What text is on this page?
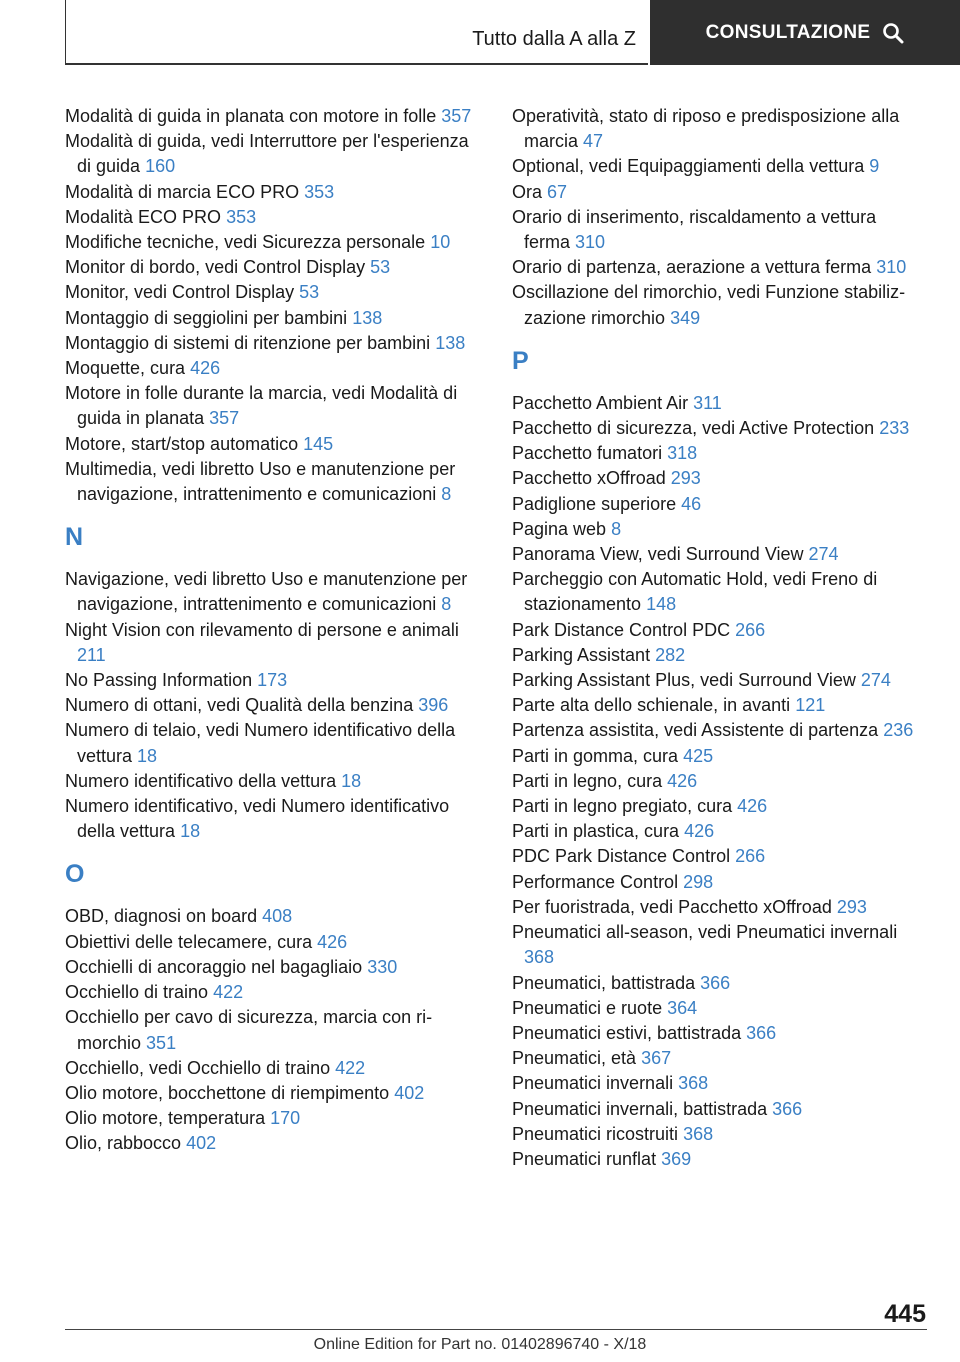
Tutto dalla A alla Z	CONSULTAZIONE

Modalità di guida in planata con motore in folle 357

Modalità di guida, vedi Interruttore per l'esperienza di guida 160

Modalità di marcia ECO PRO 353

Modalità ECO PRO 353

Modifiche tecniche, vedi Sicurezza personale 10

Monitor di bordo, vedi Control Display 53

Monitor, vedi Control Display 53

Montaggio di seggiolini per bambini 138

Montaggio di sistemi di ritenzione per bambini 138

Moquette, cura 426

Motore in folle durante la marcia, vedi Modalità di guida in planata 357

Motore, start/stop automatico 145

Multimedia, vedi libretto Uso e manutenzione per navigazione, intrattenimento e comunicazioni 8

N

Navigazione, vedi libretto Uso e manutenzione per navigazione, intrattenimento e comunicazioni 8

Night Vision con rilevamento di persone e animali 211

No Passing Information 173

Numero di ottani, vedi Qualità della benzina 396

Numero di telaio, vedi Numero identificativo della vettura 18

Numero identificativo della vettura 18

Numero identificativo, vedi Numero identificativo della vettura 18

O

OBD, diagnosi on board 408

Obiettivi delle telecamere, cura 426

Occhielli di ancoraggio nel bagagliaio 330

Occhiello di traino 422

Occhiello per cavo di sicurezza, marcia con rimorchio 351

Occhiello, vedi Occhiello di traino 422

Olio motore, bocchettone di riempimento 402

Olio motore, temperatura 170

Olio, rabbocco 402

Operatività, stato di riposo e predisposizione alla marcia 47

Optional, vedi Equipaggiamenti della vettura 9

Ora 67

Orario di inserimento, riscaldamento a vettura ferma 310

Orario di partenza, aerazione a vettura ferma 310

Oscillazione del rimorchio, vedi Funzione stabilizzazione rimorchio 349

P

Pacchetto Ambient Air 311

Pacchetto di sicurezza, vedi Active Protection 233

Pacchetto fumatori 318

Pacchetto xOffroad 293

Padiglione superiore 46

Pagina web 8

Panorama View, vedi Surround View 274

Parcheggio con Automatic Hold, vedi Freno di stazionamento 148

Park Distance Control PDC 266

Parking Assistant 282

Parking Assistant Plus, vedi Surround View 274

Parte alta dello schienale, in avanti 121

Partenza assistita, vedi Assistente di partenza 236

Parti in gomma, cura 425

Parti in legno, cura 426

Parti in legno pregiato, cura 426

Parti in plastica, cura 426

PDC Park Distance Control 266

Performance Control 298

Per fuoristrada, vedi Pacchetto xOffroad 293

Pneumatici all-season, vedi Pneumatici invernali 368

Pneumatici, battistrada 366

Pneumatici e ruote 364

Pneumatici estivi, battistrada 366

Pneumatici, età 367

Pneumatici invernali 368

Pneumatici invernali, battistrada 366

Pneumatici ricostruiti 368

Pneumatici runflat 369

445
Online Edition for Part no. 01402896740 - X/18
